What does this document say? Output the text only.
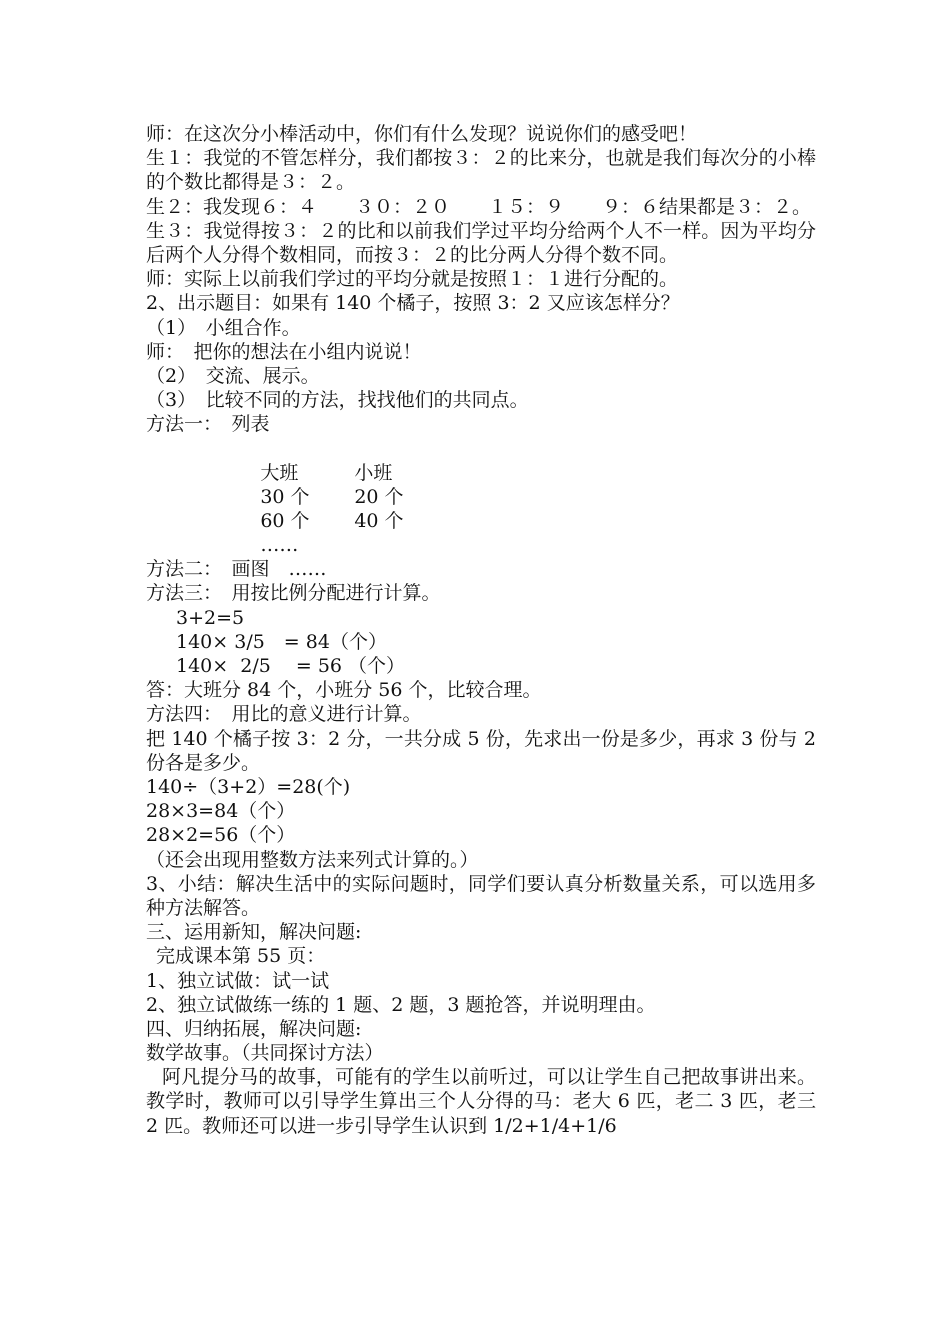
师：在这次分小棒活动中，你们有什么发现？说说你们的感受吧！
生１：我觉的不管怎样分，我们都按３：２的比来分，也就是我们每次分的小棒的个数比都得是３：２。
生２：我发现６：４　　３０：２０　　１５：９　　９：６结果都是３：２。
生３：我觉得按３：２的比和以前我们学过平均分给两个人不一样。因为平均分后两个人分得个数相同，而按３：２的比分两人分得个数不同。
师：实际上以前我们学过的平均分就是按照１：１进行分配的。
2、出示题目：如果有 140 个橘子，按照 3：2 又应该怎样分？
（1）　小组合作。
师：　把你的想法在小组内说说！
（2）　交流、展示。
（3）　比较不同的方法，找找他们的共同点。
方法一：　列表

大班	小班

30 个 20 个

60 个 40 个

……

方法二：　画图　……
方法三：　用按比例分配进行计算。
3+2=5
140× 3/5　= 84（个）
140×  2/5　 = 56 （个）
答：大班分 84 个，小班分 56 个，比较合理。
方法四：　用比的意义进行计算。
把 140 个橘子按 3：2 分，一共分成 5 份，先求出一份是多少，再求 3 份与 2 份各是多少。
140÷（3+2）=28(个)
28×3=84（个）
28×2=56（个）
（还会出现用整数方法来列式计算的。）
3、小结：解决生活中的实际问题时，同学们要认真分析数量关系，可以选用多种方法解答。
三、运用新知，解决问题:
完成课本第 55 页：
1、独立试做：试一试
2、独立试做练一练的 1 题、2 题，3 题抢答，并说明理由。
四、归纳拓展，解决问题:
数学故事。（共同探讨方法）
阿凡提分马的故事，可能有的学生以前听过，可以让学生自己把故事讲出来。教学时，教师可以引导学生算出三个人分得的马：老大 6 匹，老二 3 匹，老三 2 匹。教师还可以进一步引导学生认识到 1/2+1/4+1/6
